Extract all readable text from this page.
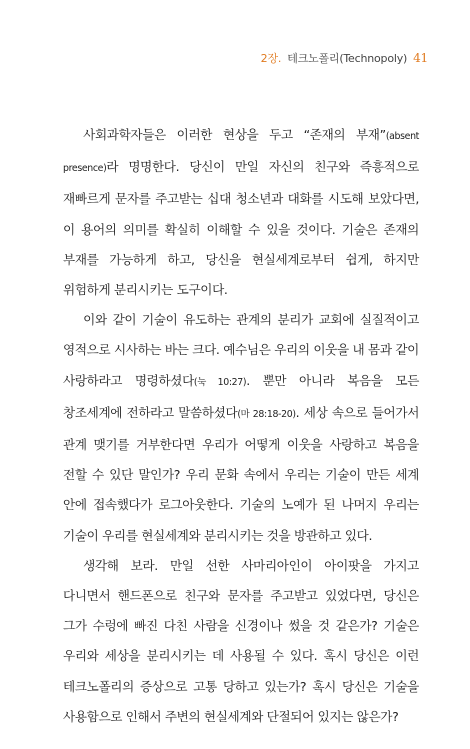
2장. 테크노폴리(Technopoly) 41

사회과학자들은 이러한 현상을 두고 “존재의 부재”(absent presence)라 명명한다. 당신이 만일 자신의 친구와 즉흥적으로 재빠르게 문자를 주고받는 십대 청소년과 대화를 시도해 보았다면, 이 용어의 의미를 확실히 이해할 수 있을 것이다. 기술은 존재의 부재를 가능하게 하고, 당신을 현실세계로부터 쉽게, 하지만 위험하게 분리시키는 도구이다.

이와 같이 기술이 유도하는 관계의 분리가 교회에 실질적이고 영적으로 시사하는 바는 크다. 예수님은 우리의 이웃을 내 몸과 같이 사랑하라고 명령하셨다(눅 10:27). 뿐만 아니라 복음을 모든 창조세계에 전하라고 말씀하셨다(마 28:18-20). 세상 속으로 들어가서 관계 맺기를 거부한다면 우리가 어떻게 이웃을 사랑하고 복음을 전할 수 있단 말인가? 우리 문화 속에서 우리는 기술이 만든 세계 안에 접속했다가 로그아웃한다. 기술의 노예가 된 나머지 우리는 기술이 우리를 현실세계와 분리시키는 것을 방관하고 있다.

생각해 보라. 만일 선한 사마리아인이 아이팟을 가지고 다니면서 핸드폰으로 친구와 문자를 주고받고 있었다면, 당신은 그가 수렁에 빠진 다친 사람을 신경이나 썼을 것 같은가? 기술은 우리와 세상을 분리시키는 데 사용될 수 있다. 혹시 당신은 이런 테크노폴리의 증상으로 고통 당하고 있는가? 혹시 당신은 기술을 사용함으로 인해서 주변의 현실세계와 단절되어 있지는 않은가?
